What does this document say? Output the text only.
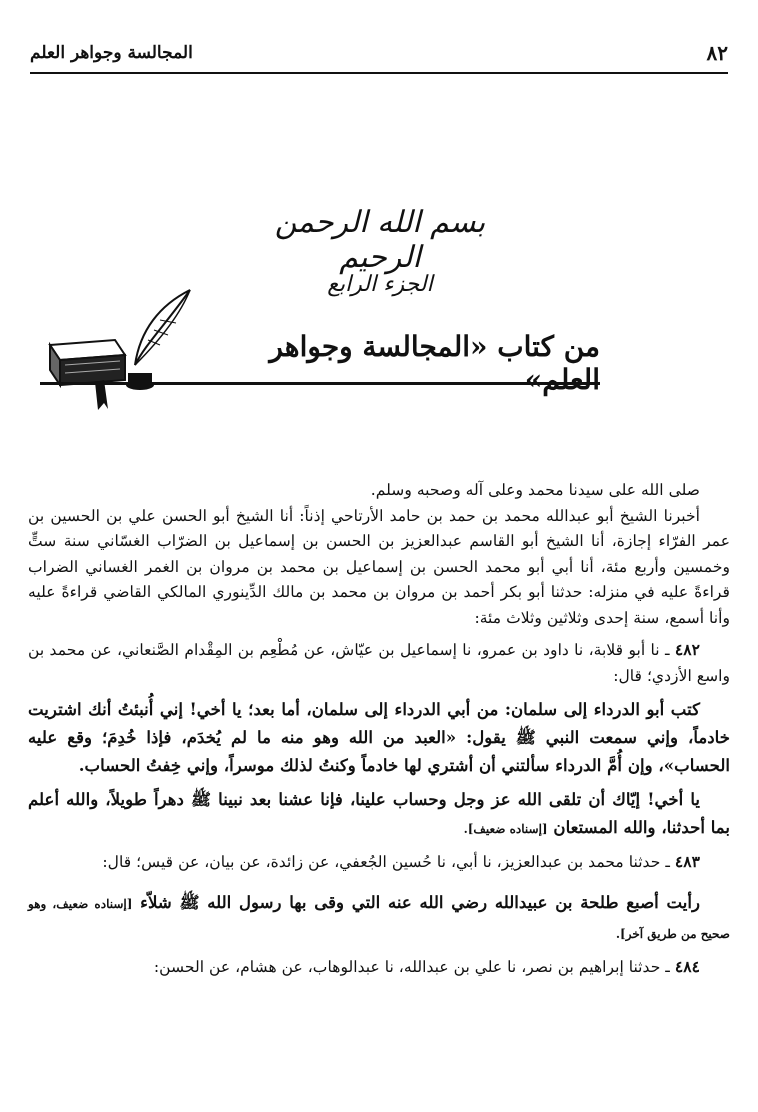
المجالسة وجواهر العلم	٨٢
بسم الله الرحمن الرحيم
الجزء الرابع
من كتاب «المجالسة وجواهر العلم»

صلى الله على سيدنا محمد وعلى آله وصحبه وسلم.

أخبرنا الشيخ أبو عبدالله محمد بن حمد بن حامد الأرتاحي إذناً: أنا الشيخ أبو الحسن علي بن الحسين بن عمر الفرّاء إجازة، أنا الشيخ أبو القاسم عبدالعزيز بن الحسن بن إسماعيل بن الضرّاب الغسّاني سنة ستٍّ وخمسين وأربع مئة، أنا أبي أبو محمد الحسن بن إسماعيل بن محمد بن مروان بن الغمر الغساني الضراب قراءةً عليه في منزله: حدثنا أبو بكر أحمد بن مروان بن محمد بن مالك الدِّينوري المالكي القاضي قراءةً عليه وأنا أسمع، سنة إحدى وثلاثين وثلاث مئة:

٤٨٢ ـ نا أبو قلابة، نا داود بن عمرو، نا إسماعيل بن عيّاش، عن مُطْعِم بن المِقْدام الصَّنعاني، عن محمد بن واسع الأزدي؛ قال:

كتب أبو الدرداء إلى سلمان: من أبي الدرداء إلى سلمان، أما بعد؛ يا أخي! إني أُنبئتُ أنك اشتريت خادماً، وإني سمعت النبي ﷺ يقول: «العبد من الله وهو منه ما لم يُخدَم، فإذا خُدِمَ؛ وقع عليه الحساب»، وإن أُمَّ الدرداء سألتني أن أشتري لها خادماً وكنتُ لذلك موسراً، وإني خِفتُ الحساب.

يا أخي! إيّاك أن تلقى الله عز وجل وحساب علينا، فإنا عشنا بعد نبينا ﷺ دهراً طويلاً، والله أعلم بما أحدثنا، والله المستعان [إسناده ضعيف].

٤٨٣ ـ حدثنا محمد بن عبدالعزيز، نا أبي، نا حُسين الجُعفي، عن زائدة، عن بيان، عن قيس؛ قال:

رأيت أصبع طلحة بن عبيدالله رضي الله عنه التي وقى بها رسول الله ﷺ شلاّء [إسناده ضعيف، وهو صحيح من طريق آخر].

٤٨٤ ـ حدثنا إبراهيم بن نصر، نا علي بن عبدالله، نا عبدالوهاب، عن هشام، عن الحسن:
